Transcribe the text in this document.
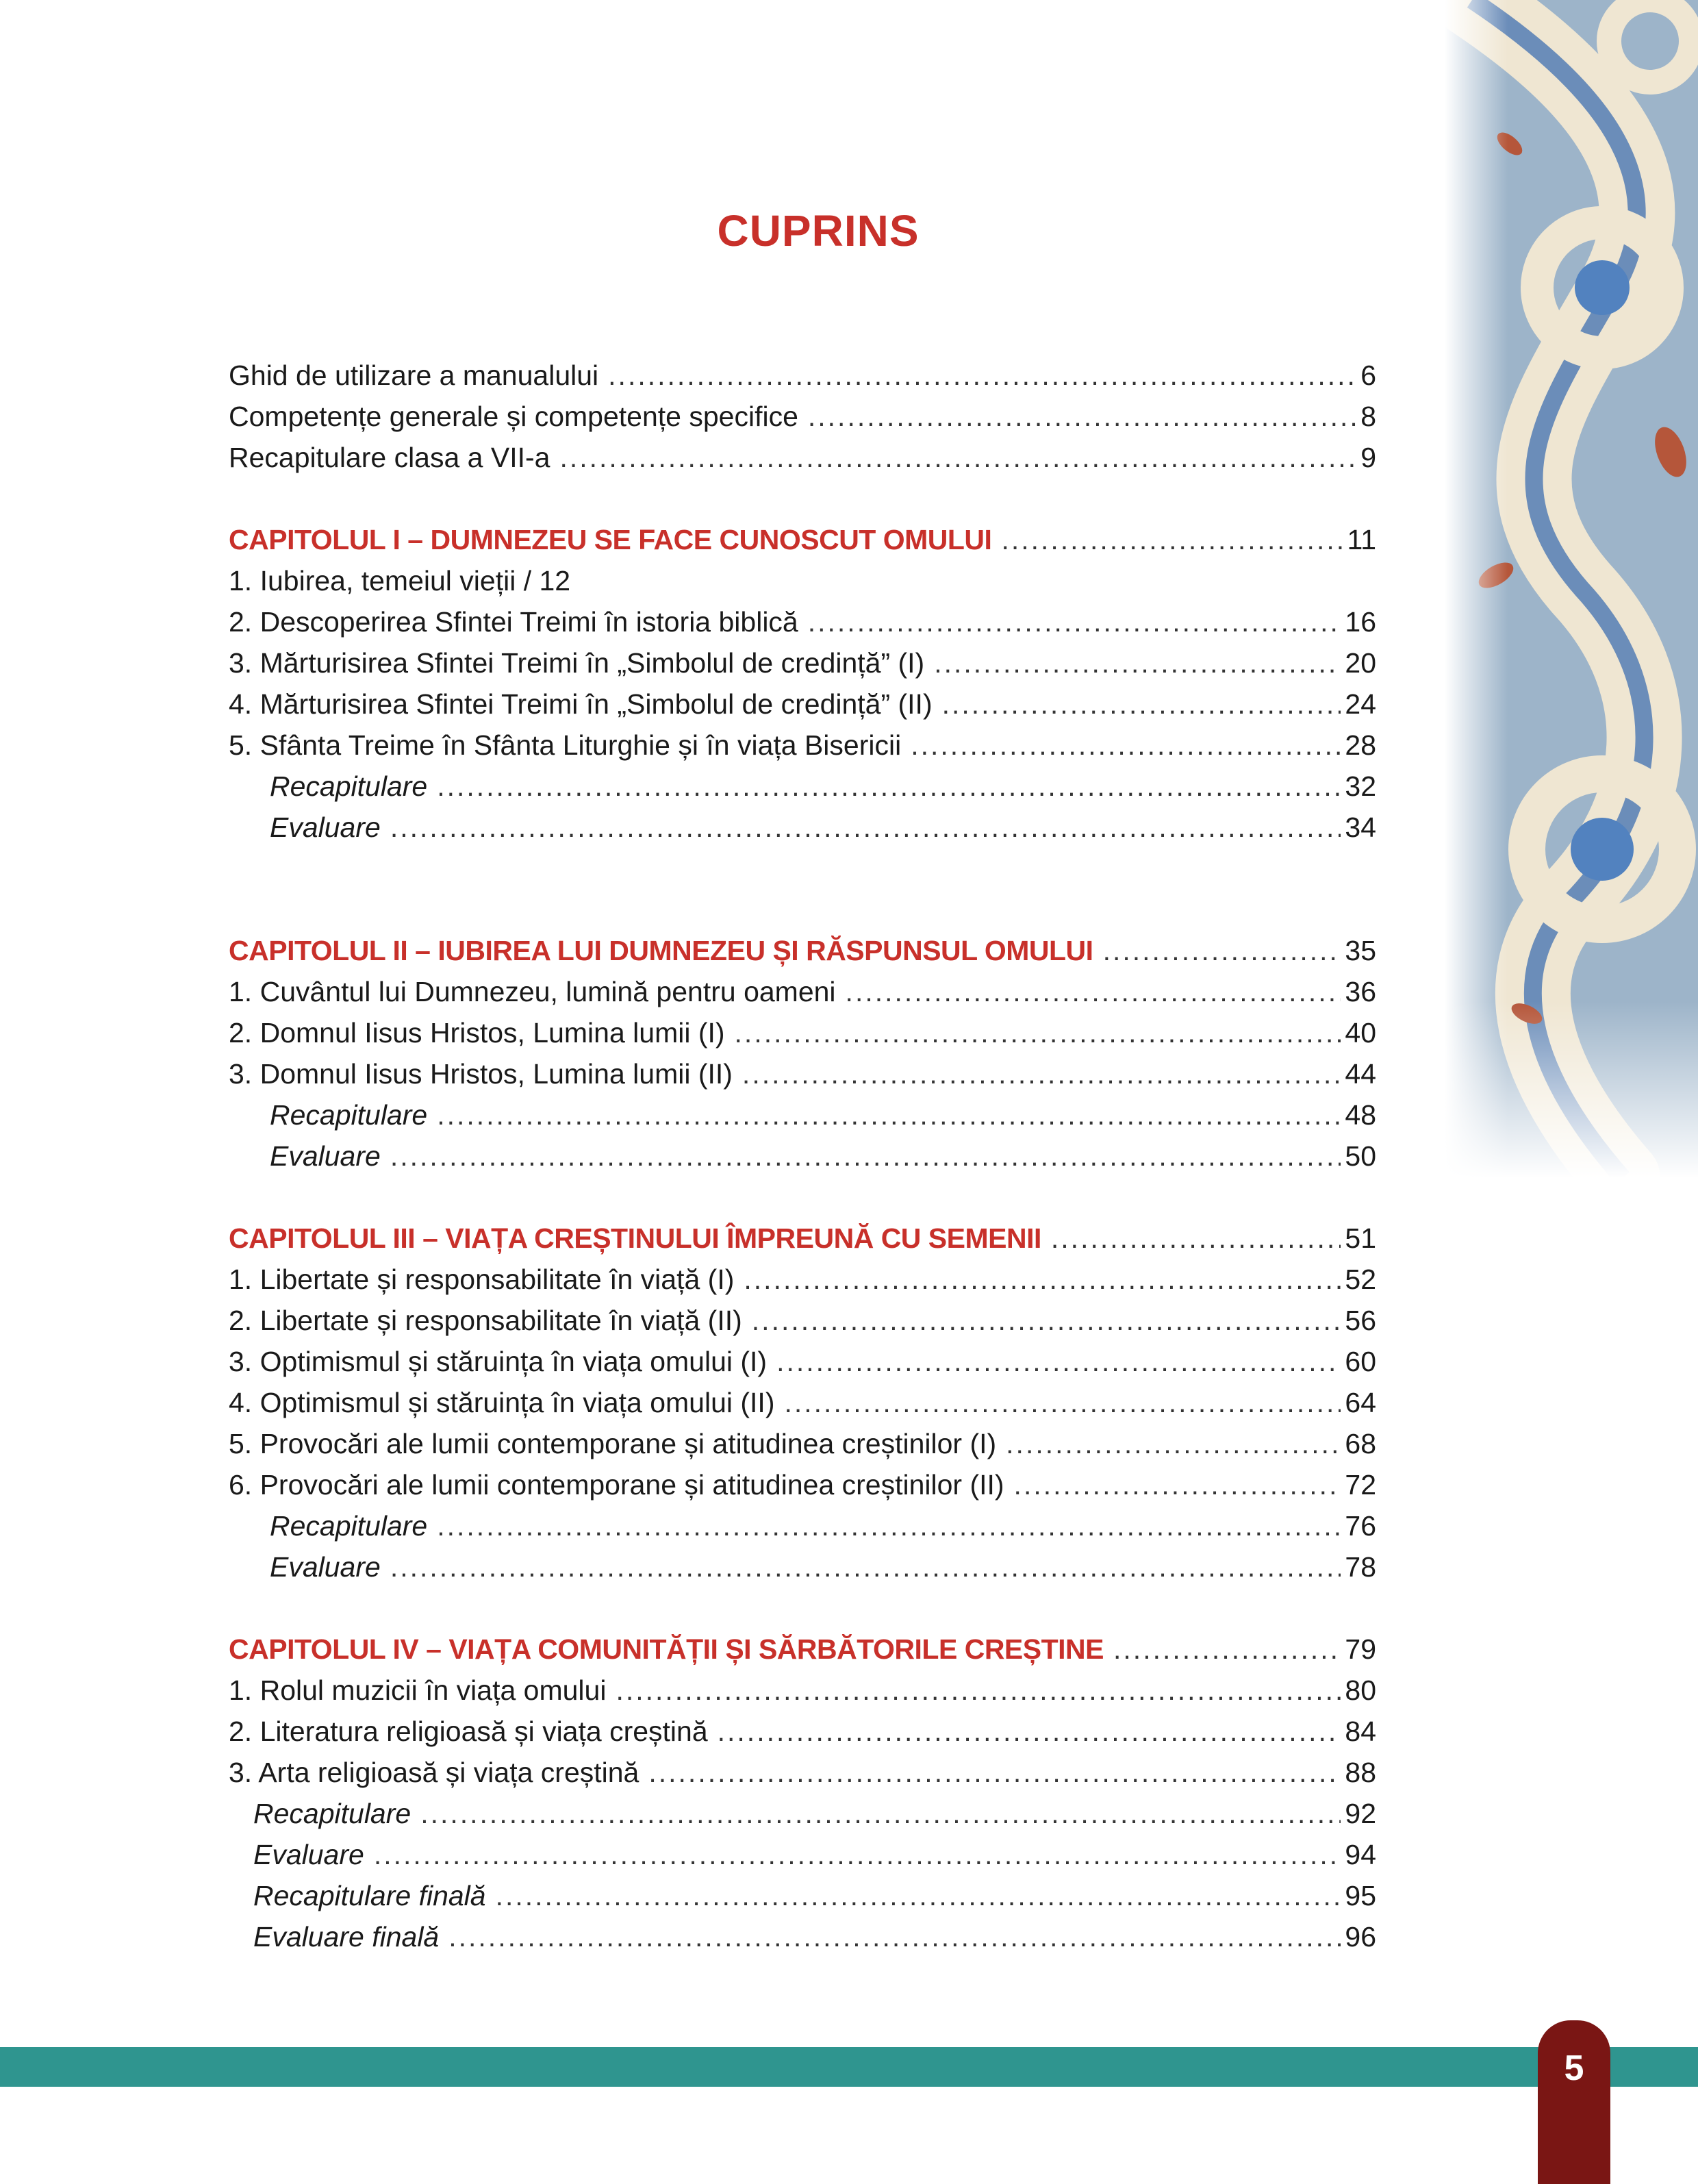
CUPRINS
Ghid de utilizare a manualului .....	6
Competențe generale și competențe specifice .....	8
Recapitulare clasa a VII-a .....	9
CAPITOLUL I – DUMNEZEU SE FACE CUNOSCUT OMULUI .....	11
1. Iubirea, temeiul vieții / 12
2. Descoperirea Sfintei Treimi în istoria biblică .....	16
3. Mărturisirea Sfintei Treimi în „Simbolul de credință” (I) .....	20
4. Mărturisirea Sfintei Treimi în „Simbolul de credință” (II) .....	24
5. Sfânta Treime în Sfânta Liturghie și în viața Bisericii .....	28
Recapitulare .....	32
Evaluare .....	34
CAPITOLUL II – IUBIREA LUI DUMNEZEU ȘI RĂSPUNSUL OMULUI .....	35
1. Cuvântul lui Dumnezeu, lumină pentru oameni .....	36
2. Domnul Iisus Hristos, Lumina lumii (I) .....	40
3. Domnul Iisus Hristos, Lumina lumii (II) .....	44
Recapitulare .....	48
Evaluare .....	50
CAPITOLUL III – VIAȚA CREȘTINULUI ÎMPREUNĂ CU SEMENII .....	51
1. Libertate și responsabilitate în viață (I) .....	52
2. Libertate și responsabilitate în viață (II) .....	56
3. Optimismul și stăruința în viața omului (I) .....	60
4. Optimismul și stăruința în viața omului (II) .....	64
5. Provocări ale lumii contemporane și atitudinea creștinilor (I) .....	68
6. Provocări ale lumii contemporane și atitudinea creștinilor (II) .....	72
Recapitulare .....	76
Evaluare .....	78
CAPITOLUL IV – VIAȚA COMUNITĂȚII ȘI SĂRBĂTORILE CREȘTINE .....	79
1. Rolul muzicii în viața omului .....	80
2. Literatura religioasă și viața creștină .....	84
3. Arta religioasă și viața creștină .....	88
Recapitulare .....	92
Evaluare .....	94
Recapitulare finală .....	95
Evaluare finală .....	96
5
